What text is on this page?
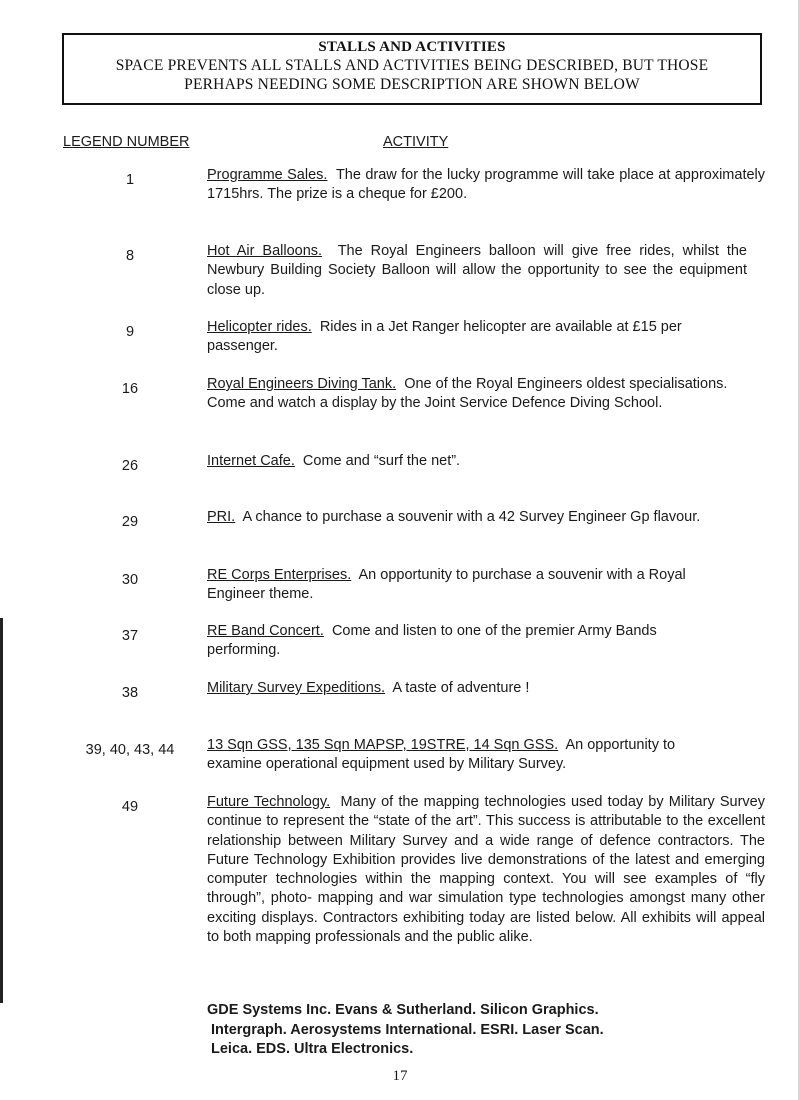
STALLS AND ACTIVITIES
SPACE PREVENTS ALL STALLS AND ACTIVITIES BEING DESCRIBED, BUT THOSE
PERHAPS NEEDING SOME DESCRIPTION ARE SHOWN BELOW
LEGEND NUMBER	ACTIVITY
1	Programme Sales. The draw for the lucky programme will take place at approximately 1715hrs. The prize is a cheque for £200.
8	Hot Air Balloons. The Royal Engineers balloon will give free rides, whilst the Newbury Building Society Balloon will allow the opportunity to see the equipment close up.
9	Helicopter rides. Rides in a Jet Ranger helicopter are available at £15 per passenger.
16	Royal Engineers Diving Tank. One of the Royal Engineers oldest specialisations. Come and watch a display by the Joint Service Defence Diving School.
26	Internet Cafe. Come and “surf the net”.
29	PRI. A chance to purchase a souvenir with a 42 Survey Engineer Gp flavour.
30	RE Corps Enterprises. An opportunity to purchase a souvenir with a Royal Engineer theme.
37	RE Band Concert. Come and listen to one of the premier Army Bands performing.
38	Military Survey Expeditions. A taste of adventure !
39, 40, 43, 44	13 Sqn GSS, 135 Sqn MAPSP, 19STRE, 14 Sqn GSS. An opportunity to examine operational equipment used by Military Survey.
49	Future Technology. Many of the mapping technologies used today by Military Survey continue to represent the “state of the art”. This success is attributable to the excellent relationship between Military Survey and a wide range of defence contractors. The Future Technology Exhibition provides live demonstrations of the latest and emerging computer technologies within the mapping context. You will see examples of “fly through”, photo- mapping and war simulation type technologies amongst many other exciting displays. Contractors exhibiting today are listed below. All exhibits will appeal to both mapping professionals and the public alike.
GDE Systems Inc. Evans & Sutherland. Silicon Graphics.
Intergraph. Aerosystems International. ESRI. Laser Scan.
Leica. EDS. Ultra Electronics.
17
